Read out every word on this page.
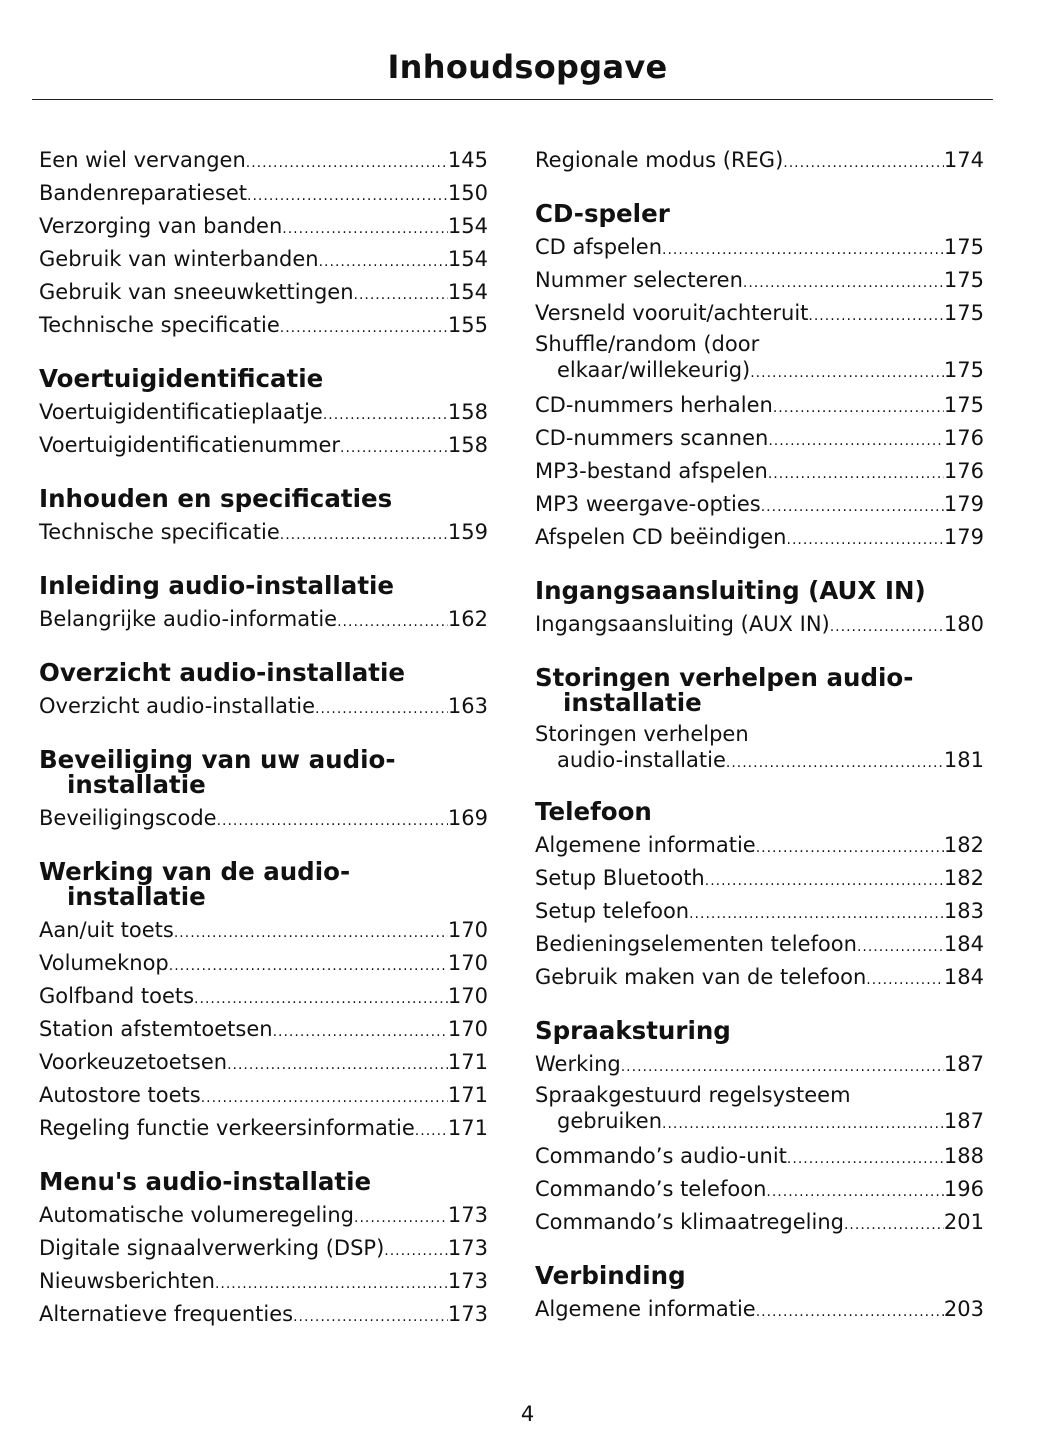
Inhoudsopgave
Een wiel vervangen .....	145
Bandenreparatieset .....	150
Verzorging van banden .....	154
Gebruik van winterbanden .....	154
Gebruik van sneeuwkettingen .....	154
Technische specificatie .....	155
Voertuigidentificatie
Voertuigidentificatieplaatje .....	158
Voertuigidentificatienummer .....	158
Inhouden en specificaties
Technische specificatie .....	159
Inleiding audio-installatie
Belangrijke audio-informatie .....	162
Overzicht audio-installatie
Overzicht audio-installatie .....	163
Beveiliging van uw audio-installatie
Beveiligingscode .....	169
Werking van de audio-installatie
Aan/uit toets .....	170
Volumeknop .....	170
Golfband toets .....	170
Station afstemtoetsen .....	170
Voorkeuzetoetsen .....	171
Autostore toets .....	171
Regeling functie verkeersinformatie ..... 171
Menu's audio-installatie
Automatische volumeregeling .....	173
Digitale signaalverwerking (DSP) .....	173
Nieuwsberichten .....	173
Alternatieve frequenties .....	173
Regionale modus (REG) .....	174
CD-speler
CD afspelen .....	175
Nummer selecteren .....	175
Versneld vooruit/achteruit .....	175
Shuffle/random (door
elkaar/willekeurig) .....	175
CD-nummers herhalen .....	175
CD-nummers scannen .....	176
MP3-bestand afspelen .....	176
MP3 weergave-opties .....	179
Afspelen CD beëindigen .....	179
Ingangsaansluiting (AUX IN)
Ingangsaansluiting (AUX IN) .....	180
Storingen verhelpen audio-installatie
Storingen verhelpen
audio-installatie .....	181
Telefoon
Algemene informatie .....	182
Setup Bluetooth .....	182
Setup telefoon .....	183
Bedieningselementen telefoon .....	184
Gebruik maken van de telefoon .....	184
Spraaksturing
Werking .....	187
Spraakgestuurd regelsysteem
gebruiken .....	187
Commando’s audio-unit .....	188
Commando’s telefoon .....	196
Commando’s klimaatregeling .....	201
Verbinding
Algemene informatie .....	203
4
